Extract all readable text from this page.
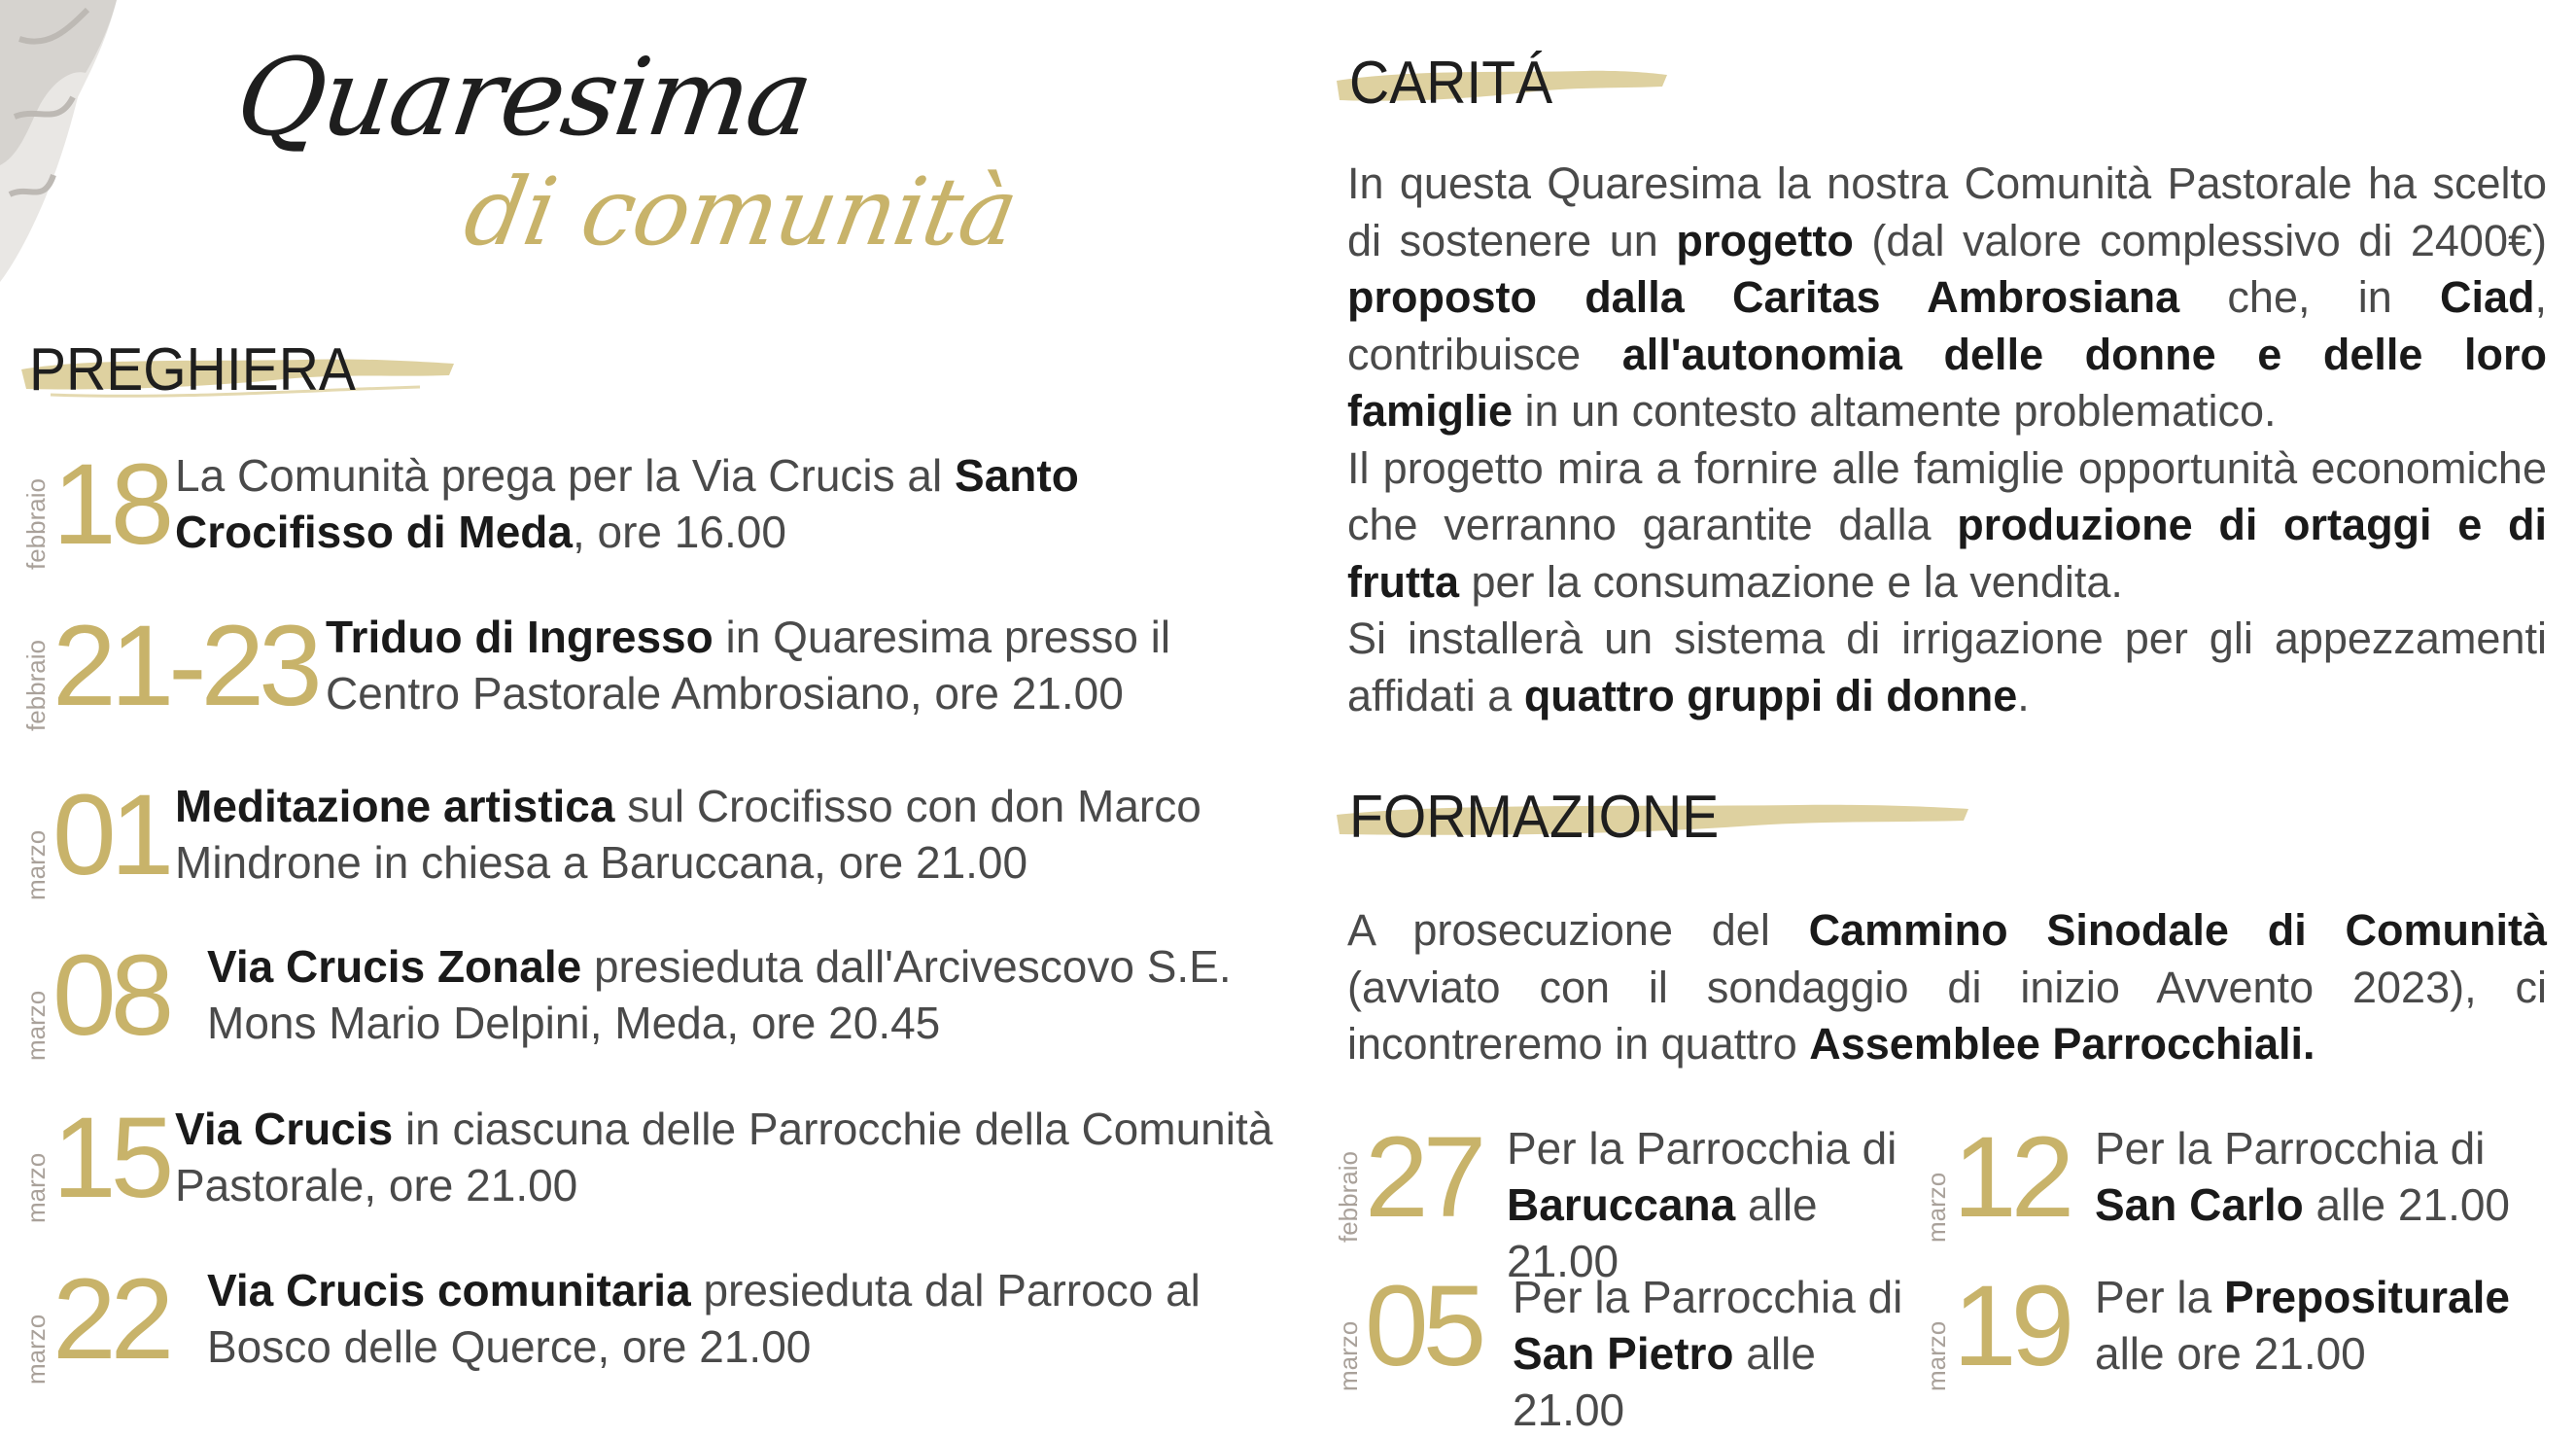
Quaresima
di comunità
PREGHIERA
febbraio 18 La Comunità prega per la Via Crucis al Santo Crocifisso di Meda, ore 16.00
febbraio 21-23 Triduo di Ingresso in Quaresima presso il Centro Pastorale Ambrosiano, ore 21.00
marzo 01 Meditazione artistica sul Crocifisso con don Marco Mindrone in chiesa a Baruccana, ore 21.00
marzo 08 Via Crucis Zonale presieduta dall'Arcivescovo S.E. Mons Mario Delpini, Meda, ore 20.45
marzo 15 Via Crucis in ciascuna delle Parrocchie della Comunità Pastorale, ore 21.00
marzo 22 Via Crucis comunitaria presieduta dal Parroco al Bosco delle Querce, ore 21.00
CARITÁ

In questa Quaresima la nostra Comunità Pastorale ha scelto di sostenere un progetto (dal valore complessivo di 2400€) proposto dalla Caritas Ambrosiana che, in Ciad, contribuisce all'autonomia delle donne e delle loro famiglie in un contesto altamente problematico.

Il progetto mira a fornire alle famiglie opportunità economiche che verranno garantite dalla produzione di ortaggi e di frutta per la consumazione e la vendita.

Si installerà un sistema di irrigazione per gli appezzamenti affidati a quattro gruppi di donne.

FORMAZIONE
A prosecuzione del Cammino Sinodale di Comunità (avviato con il sondaggio di inizio Avvento 2023), ci incontreremo in quattro Assemblee Parrocchiali.
febbraio 27 Per la Parrocchia di Baruccana alle 21.00
marzo 12 Per la Parrocchia di San Carlo alle 21.00
marzo 05 Per la Parrocchia di San Pietro alle 21.00
marzo 19 Per la Prepositurale alle ore 21.00
